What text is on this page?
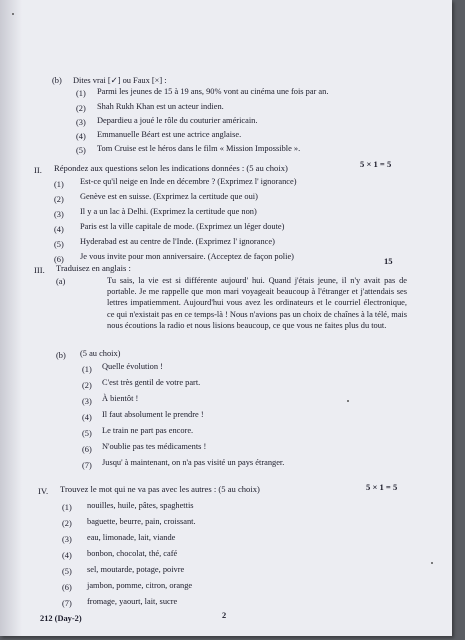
(b) Dites vrai [✓] ou Faux [×] :
(1) Parmi les jeunes de 15 à 19 ans, 90% vont au cinéma une fois par an.
(2) Shah Rukh Khan est un acteur indien.
(3) Depardieu a joué le rôle du couturier américain.
(4) Emmanuelle Béart est une actrice anglaise.
(5) Tom Cruise est le héros dans le film « Mission Impossible ».
II. Répondez aux questions selon les indications données : (5 au choix)	5 × 1 = 5
(1) Est-ce qu'il neige en Inde en décembre ? (Exprimez l' ignorance)
(2) Genève est en suisse. (Exprimez la certitude que oui)
(3) Il y a un lac à Delhi. (Exprimez la certitude que non)
(4) Paris est la ville capitale de mode. (Exprimez un léger doute)
(5) Hyderabad est au centre de l'Inde. (Exprimez l' ignorance)
(6) Je vous invite pour mon anniversaire. (Acceptez de façon polie)	15
III. Traduisez en anglais :
(a)	Tu sais, la vie est si différente aujourd' hui. Quand j'étais jeune, il n'y avait pas de portable. Je me rappelle que mon mari voyageait beaucoup à l'étranger et j'attendais ses lettres impatiemment. Aujourd'hui vous avez les ordinateurs et le courriel électronique, ce qui n'existait pas en ce temps-là ! Nous n'avions pas un choix de chaînes à la télé, mais nous écoutions la radio et nous lisions beaucoup, ce que vous ne faites plus du tout.
(b) (5 au choix)
(1) Quelle évolution !
(2) C'est très gentil de votre part.
(3) À bientôt !
(4) Il faut absolument le prendre !
(5) Le train ne part pas encore.
(6) N'oublie pas tes médicaments !
(7) Jusqu' à maintenant, on n'a pas visité un pays étranger.
IV. Trouvez le mot qui ne va pas avec les autres : (5 au choix)	5 × 1 = 5
(1) nouilles, huile, pâtes, spaghettis
(2) baguette, beurre, pain, croissant.
(3) eau, limonade, lait, viande
(4) bonbon, chocolat, thé, café
(5) sel, moutarde, potage, poivre
(6) jambon, pomme, citron, orange
(7) fromage, yaourt, lait, sucre
212 (Day-2)	2
